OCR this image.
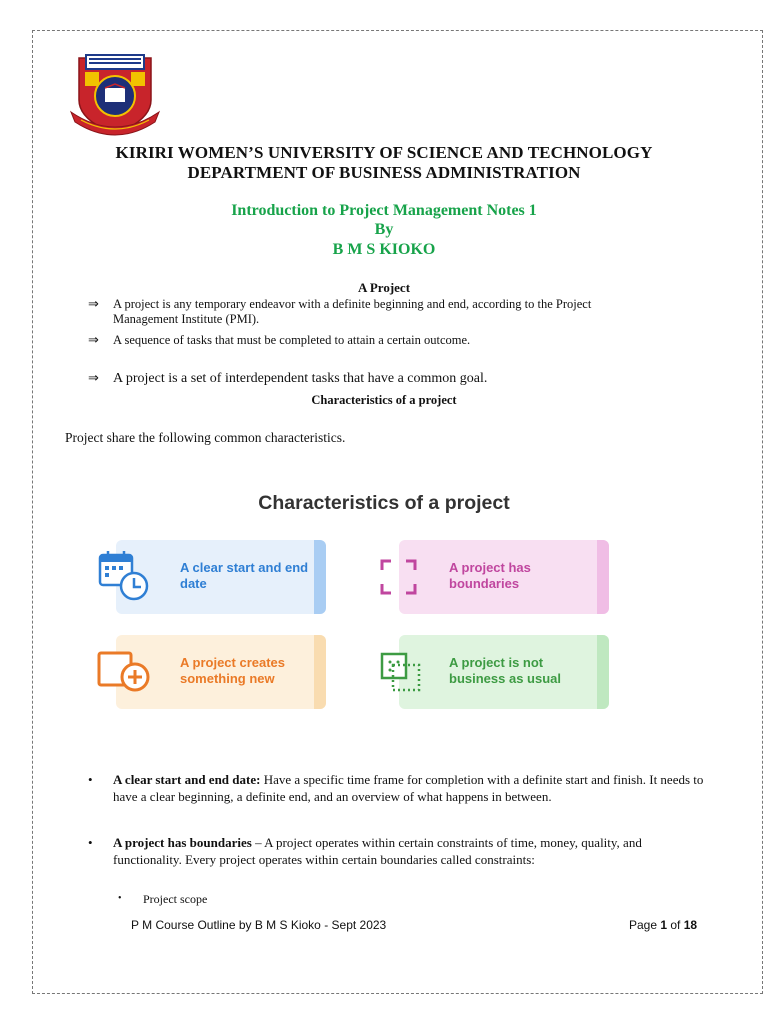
KIRIRI WOMEN’S UNIVERSITY OF SCIENCE AND TECHNOLOGY
DEPARTMENT OF BUSINESS ADMINISTRATION
Introduction to Project Management Notes 1
By
B M S KIOKO
A Project
⇒ A project is any temporary endeavor with a definite beginning and end, according to the Project Management Institute (PMI).
⇒ A sequence of tasks that must be completed to attain a certain outcome.
⇒ A project is a set of interdependent tasks that have a common goal.
Characteristics of a project
Project share the following common characteristics.
Characteristics of a project
A clear start and end date
A project has boundaries
A project creates something new
A project is not business as usual
• A clear start and end date: Have a specific time frame for completion with a definite start and finish. It needs to have a clear beginning, a definite end, and an overview of what happens in between.
• A project has boundaries – A project operates within certain constraints of time, money, quality, and functionality. Every project operates within certain boundaries called constraints:
• Project scope
P M Course Outline by B M S Kioko - Sept 2023	Page 1 of 18
